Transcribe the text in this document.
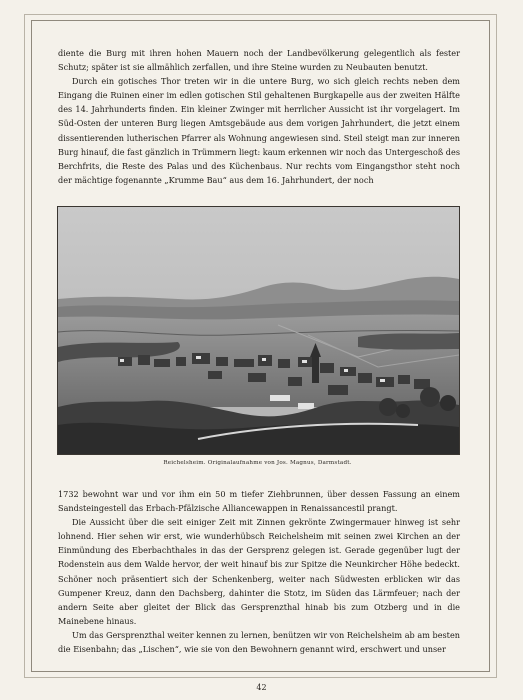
diente die Burg mit ihren hohen Mauern noch der Landbevölkerung gelegentlich als fester Schutz; später ist sie allmählich zerfallen, und ihre Steine wurden zu Neubauten benutzt.

Durch ein gotisches Thor treten wir in die untere Burg, wo sich gleich rechts neben dem Eingang die Ruinen einer im edlen gotischen Stil gehaltenen Burgkapelle aus der zweiten Hälfte des 14. Jahrhunderts finden. Ein kleiner Zwinger mit herrlicher Aussicht ist ihr vorgelagert. Im Süd-Osten der unteren Burg liegen Amtsgebäude aus dem vorigen Jahrhundert, die jetzt einem dissentierenden lutherischen Pfarrer als Wohnung angewiesen sind. Steil steigt man zur inneren Burg hinauf, die fast gänzlich in Trümmern liegt: kaum erkennen wir noch das Untergeschoß des Berchfrits, die Reste des Palas und des Küchenbaus. Nur rechts vom Eingangsthor steht noch der mächtige fogenannte „Krumme Bau“ aus dem 16. Jahrhundert, der noch

Reichelsheim. Originalaufnahme von Jos. Magnus, Darmstadt.

1732 bewohnt war und vor ihm ein 50 m tiefer Ziehbrunnen, über dessen Fassung an einem Sandsteingestell das Erbach-Pfälzische Alliancewappen in Renaissancestil prangt.

Die Aussicht über die seit einiger Zeit mit Zinnen gekrönte Zwingermauer hinweg ist sehr lohnend. Hier sehen wir erst, wie wunderhübsch Reichelsheim mit seinen zwei Kirchen an der Einmündung des Eberbachthales in das der Gersprenz gelegen ist. Gerade gegenüber lugt der Rodenstein aus dem Walde hervor, der weit hinauf bis zur Spitze die Neunkircher Höhe bedeckt. Schöner noch präsentiert sich der Schenkenberg, weiter nach Südwesten erblicken wir das Gumpener Kreuz, dann den Dachsberg, dahinter die Stotz, im Süden das Lärmfeuer; nach der andern Seite aber gleitet der Blick das Gersprenzthal hinab bis zum Otzberg und in die Mainebene hinaus.

Um das Gersprenzthal weiter kennen zu lernen, benützen wir von Reichelsheim ab am besten die Eisenbahn; das „Lischen“, wie sie von den Bewohnern genannt wird, erschwert und unser

42
